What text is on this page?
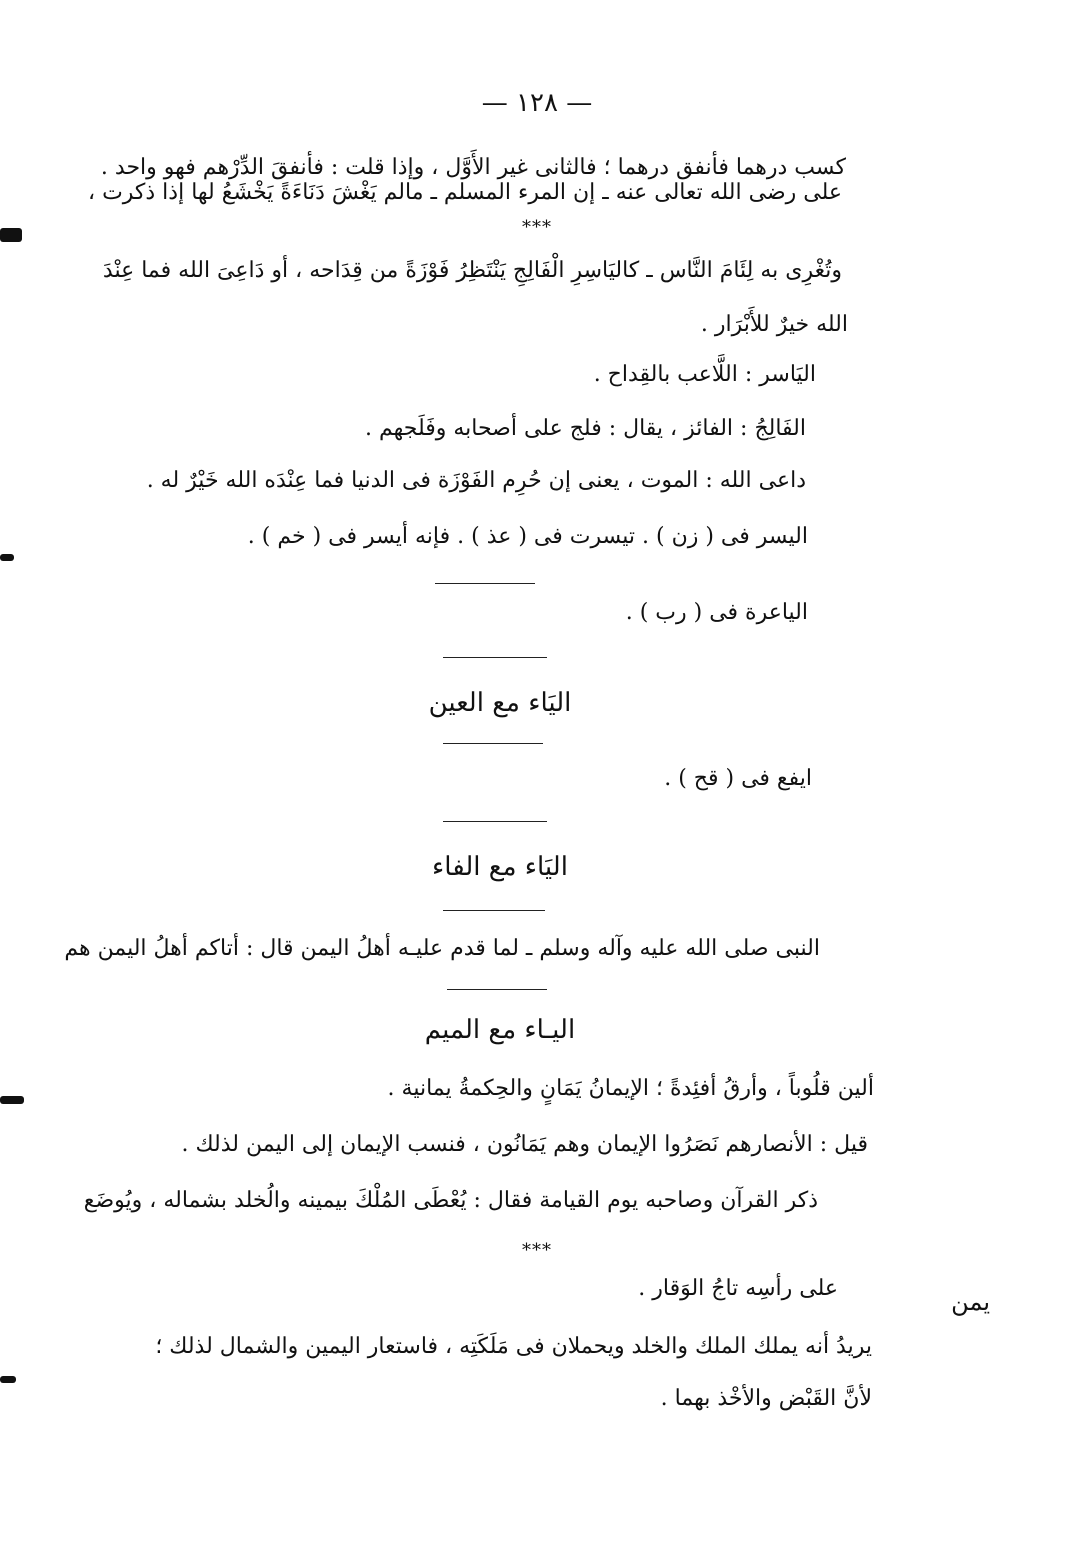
— ١٢٨ —
كسب درهما فأنفق درهما ؛ فالثانى غير الأَوَّل ، وإذا قلت : فأنفقَ الدِّرْهم فهو واحد .
على رضى الله تعالى عنه ـ إن المرء المسلم ـ مالم يَغْشَ دَنَاءَةً يَخْشَعُ لها إذا ذكرت ،
***
وتُغْرِى به لِئَامَ النَّاس ـ كاليَاسِرِ الْفَالِجِ يَنْتَظِرُ فَوْزَةً من قِدَاحه ، أو دَاعِىَ الله فما عِنْدَ
الله خيرٌ للأَبْرَار .
اليَاسر : اللَّاعب بالقِداح .
الفَالِجُ : الفائز ، يقال : فلج على أصحابه وفَلَجهم .
داعى الله : الموت ، يعنى إن حُرِم الفَوْزَة فى الدنيا فما عِنْدَه الله خَيْرٌ له .
اليسر فى ( زن ) . تيسرت فى ( عذ ) . فإنه أيسر فى ( خم ) .
الياعرة فى ( رب ) .
اليَاء مع العين
ايفع فى ( قح ) .
اليَاء مع الفاء
النبى صلى الله عليه وآله وسلم ـ لما قدم عليـه أهلُ اليمن قال : أتاكم أهلُ اليمن هم
اليـاء مع الميم
ألين قلُوباً ، وأرقُ أفئِدةً ؛ الإيمانُ يَمَانٍ والحِكمةُ يمانية .
قيل : الأنصارهم نَصَرُوا الإيمان وهم يَمَانُون ، فنسب الإيمان إلى اليمن لذلك .
ذكر القرآن وصاحبه يوم القيامة فقال : يُعْطَى المُلْكَ بيمينه والُخلد بشماله ، ويُوضَع
***
يمن
على رأسِه تاجُ الوَقار .
يريدُ أنه يملك الملك والخلد ويحملان فى مَلَكَتِه ، فاستعار اليمين والشمال لذلك ؛
لأنَّ القَبْض والأخْذ بهما .
